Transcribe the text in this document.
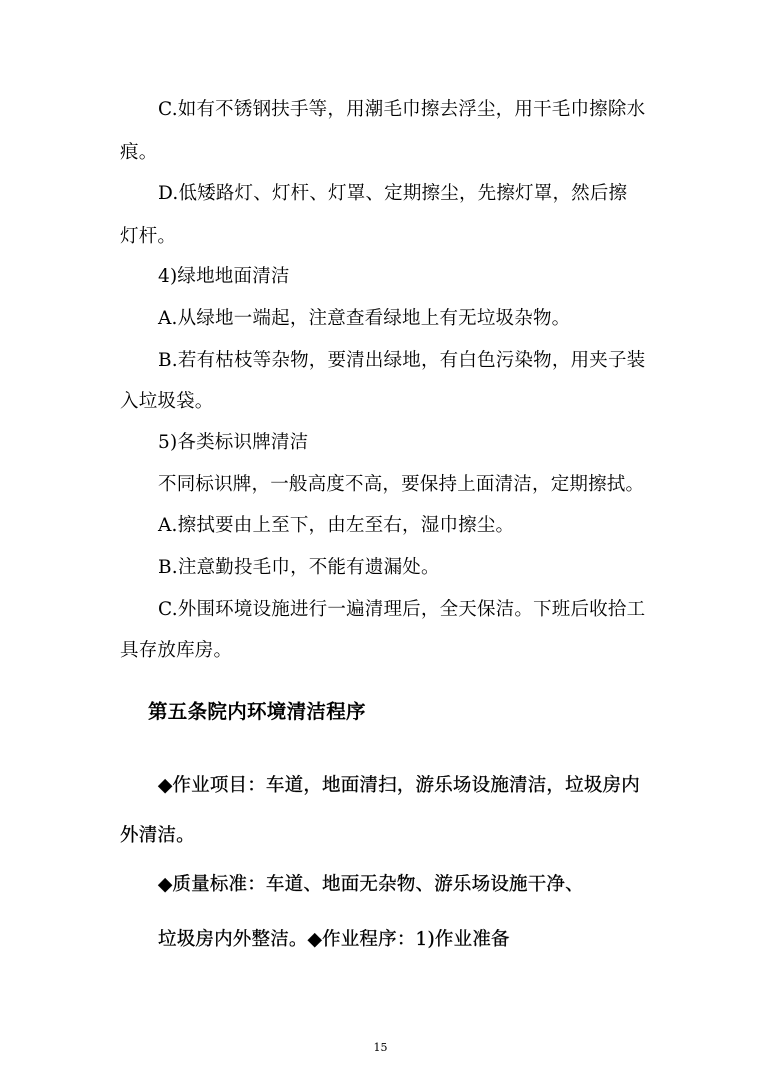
C.如有不锈钢扶手等，用潮毛巾擦去浮尘，用干毛巾擦除水
痕。
D.低矮路灯、灯杆、灯罩、定期擦尘，先擦灯罩，然后擦
灯杆。
4)绿地地面清洁
A.从绿地一端起，注意查看绿地上有无垃圾杂物。
B.若有枯枝等杂物，要清出绿地，有白色污染物，用夹子装
入垃圾袋。
5)各类标识牌清洁
不同标识牌，一般高度不高，要保持上面清洁，定期擦拭。
A.擦拭要由上至下，由左至右，湿巾擦尘。
B.注意勤投毛巾，不能有遗漏处。
C.外围环境设施进行一遍清理后，全天保洁。下班后收拾工
具存放库房。
第五条院内环境清洁程序
◆作业项目：车道，地面清扫，游乐场设施清洁，垃圾房内
外清洁。
◆质量标准：车道、地面无杂物、游乐场设施干净、
垃圾房内外整洁。◆作业程序：1)作业准备
15
